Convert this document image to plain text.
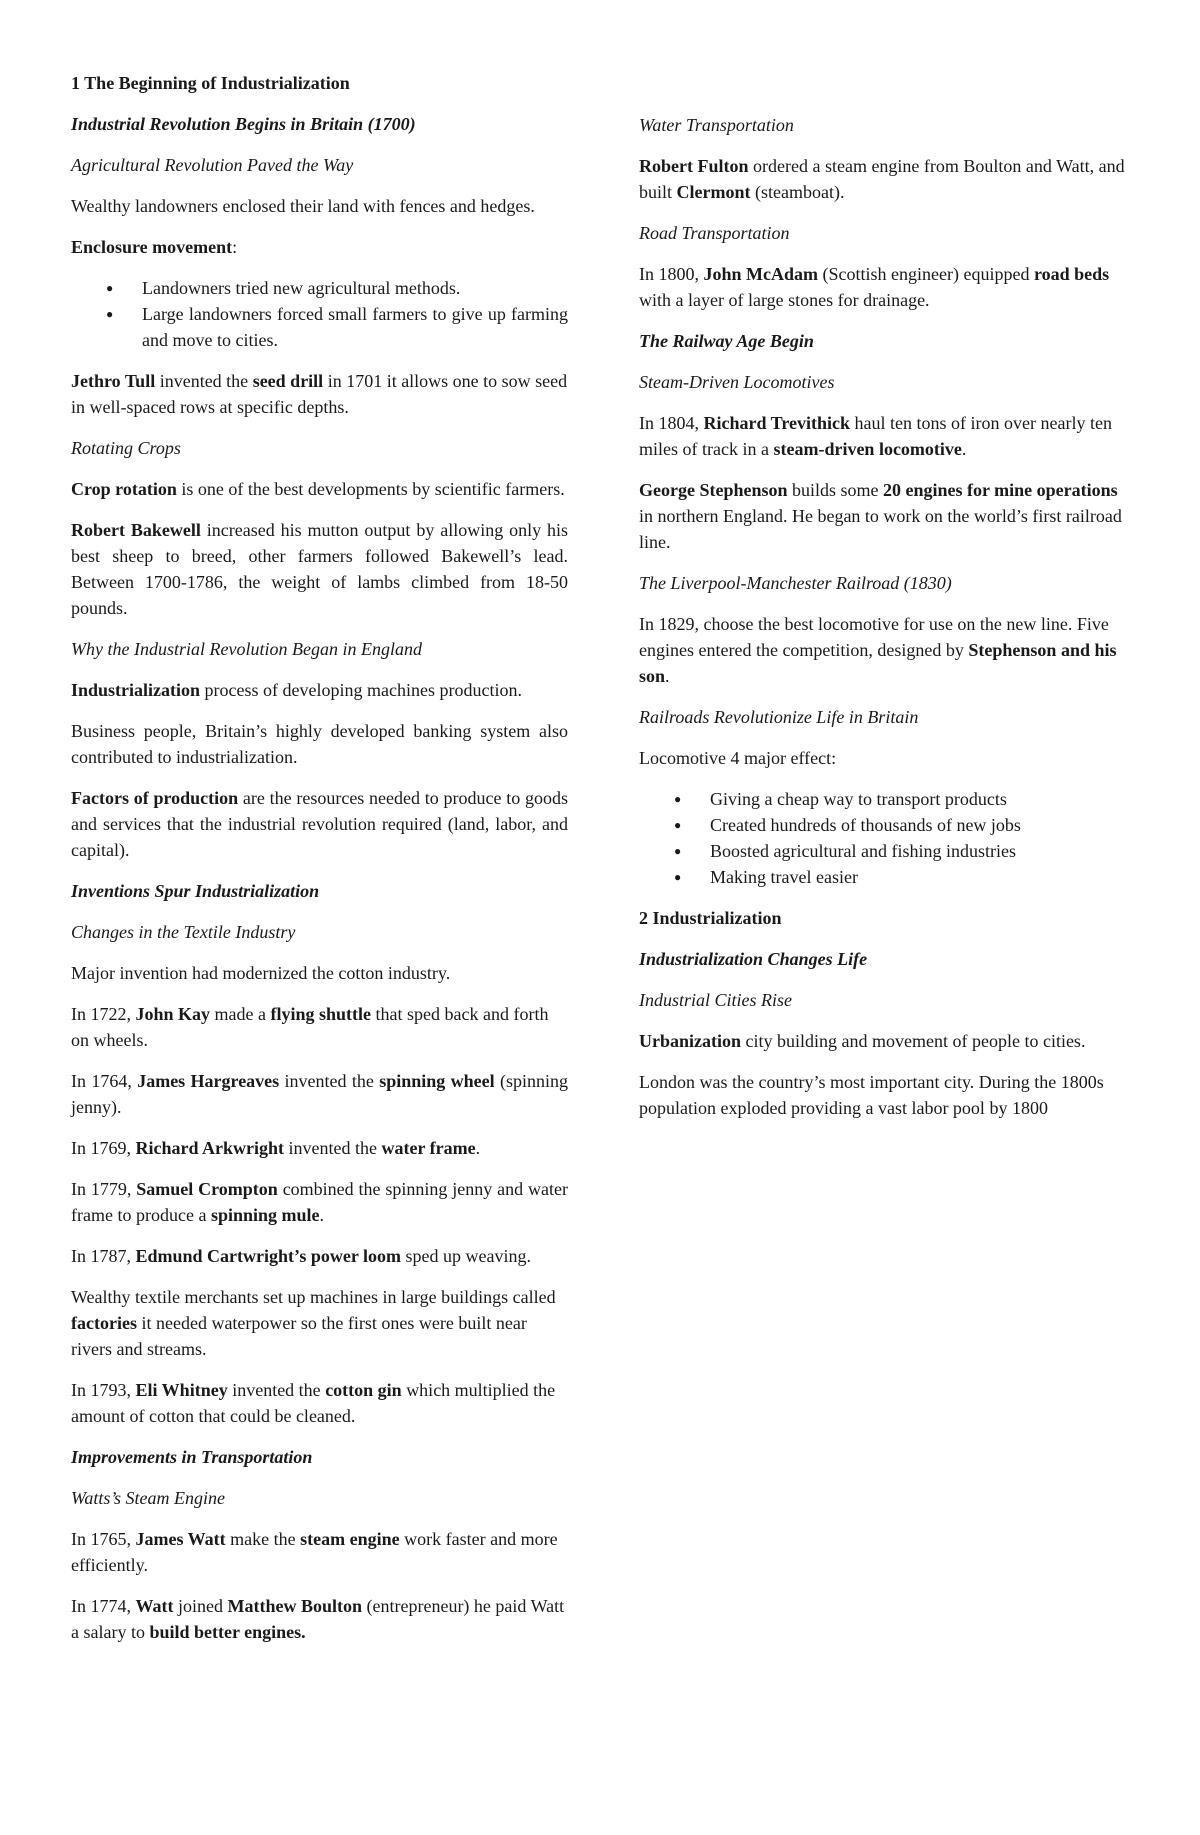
1 The Beginning of Industrialization
Industrial Revolution Begins in Britain (1700)
Agricultural Revolution Paved the Way
Wealthy landowners enclosed their land with fences and hedges.
Enclosure movement:
● Landowners tried new agricultural methods.
● Large landowners forced small farmers to give up farming and move to cities.
Jethro Tull invented the seed drill in 1701 it allows one to sow seed in well-spaced rows at specific depths.
Rotating Crops
Crop rotation is one of the best developments by scientific farmers.
Robert Bakewell increased his mutton output by allowing only his best sheep to breed, other farmers followed Bakewell’s lead. Between 1700-1786, the weight of lambs climbed from 18-50 pounds.
Why the Industrial Revolution Began in England
Industrialization process of developing machines production.
Business people, Britain’s highly developed banking system also contributed to industrialization.
Factors of production are the resources needed to produce to goods and services that the industrial revolution required (land, labor, and capital).
Inventions Spur Industrialization
Changes in the Textile Industry
Major invention had modernized the cotton industry.
In 1722, John Kay made a flying shuttle that sped back and forth on wheels.
In 1764, James Hargreaves invented the spinning wheel (spinning jenny).
In 1769, Richard Arkwright invented the water frame.
In 1779, Samuel Crompton combined the spinning jenny and water frame to produce a spinning mule.
In 1787, Edmund Cartwright’s power loom sped up weaving.
Wealthy textile merchants set up machines in large buildings called factories it needed waterpower so the first ones were built near rivers and streams.
In 1793, Eli Whitney invented the cotton gin which multiplied the amount of cotton that could be cleaned.
Improvements in Transportation
Watts’s Steam Engine
In 1765, James Watt make the steam engine work faster and more efficiently.
In 1774, Watt joined Matthew Boulton (entrepreneur) he paid Watt a salary to build better engines.
Water Transportation
Robert Fulton ordered a steam engine from Boulton and Watt, and built Clermont (steamboat).
Road Transportation
In 1800, John McAdam (Scottish engineer) equipped road beds with a layer of large stones for drainage.
The Railway Age Begin
Steam-Driven Locomotives
In 1804, Richard Trevithick haul ten tons of iron over nearly ten miles of track in a steam-driven locomotive.
George Stephenson builds some 20 engines for mine operations in northern England. He began to work on the world’s first railroad line.
The Liverpool-Manchester Railroad (1830)
In 1829, choose the best locomotive for use on the new line. Five engines entered the competition, designed by Stephenson and his son.
Railroads Revolutionize Life in Britain
Locomotive 4 major effect:
● Giving a cheap way to transport products
● Created hundreds of thousands of new jobs
● Boosted agricultural and fishing industries
● Making travel easier
2 Industrialization
Industrialization Changes Life
Industrial Cities Rise
Urbanization city building and movement of people to cities.
London was the country’s most important city. During the 1800s population exploded providing a vast labor pool by 1800
